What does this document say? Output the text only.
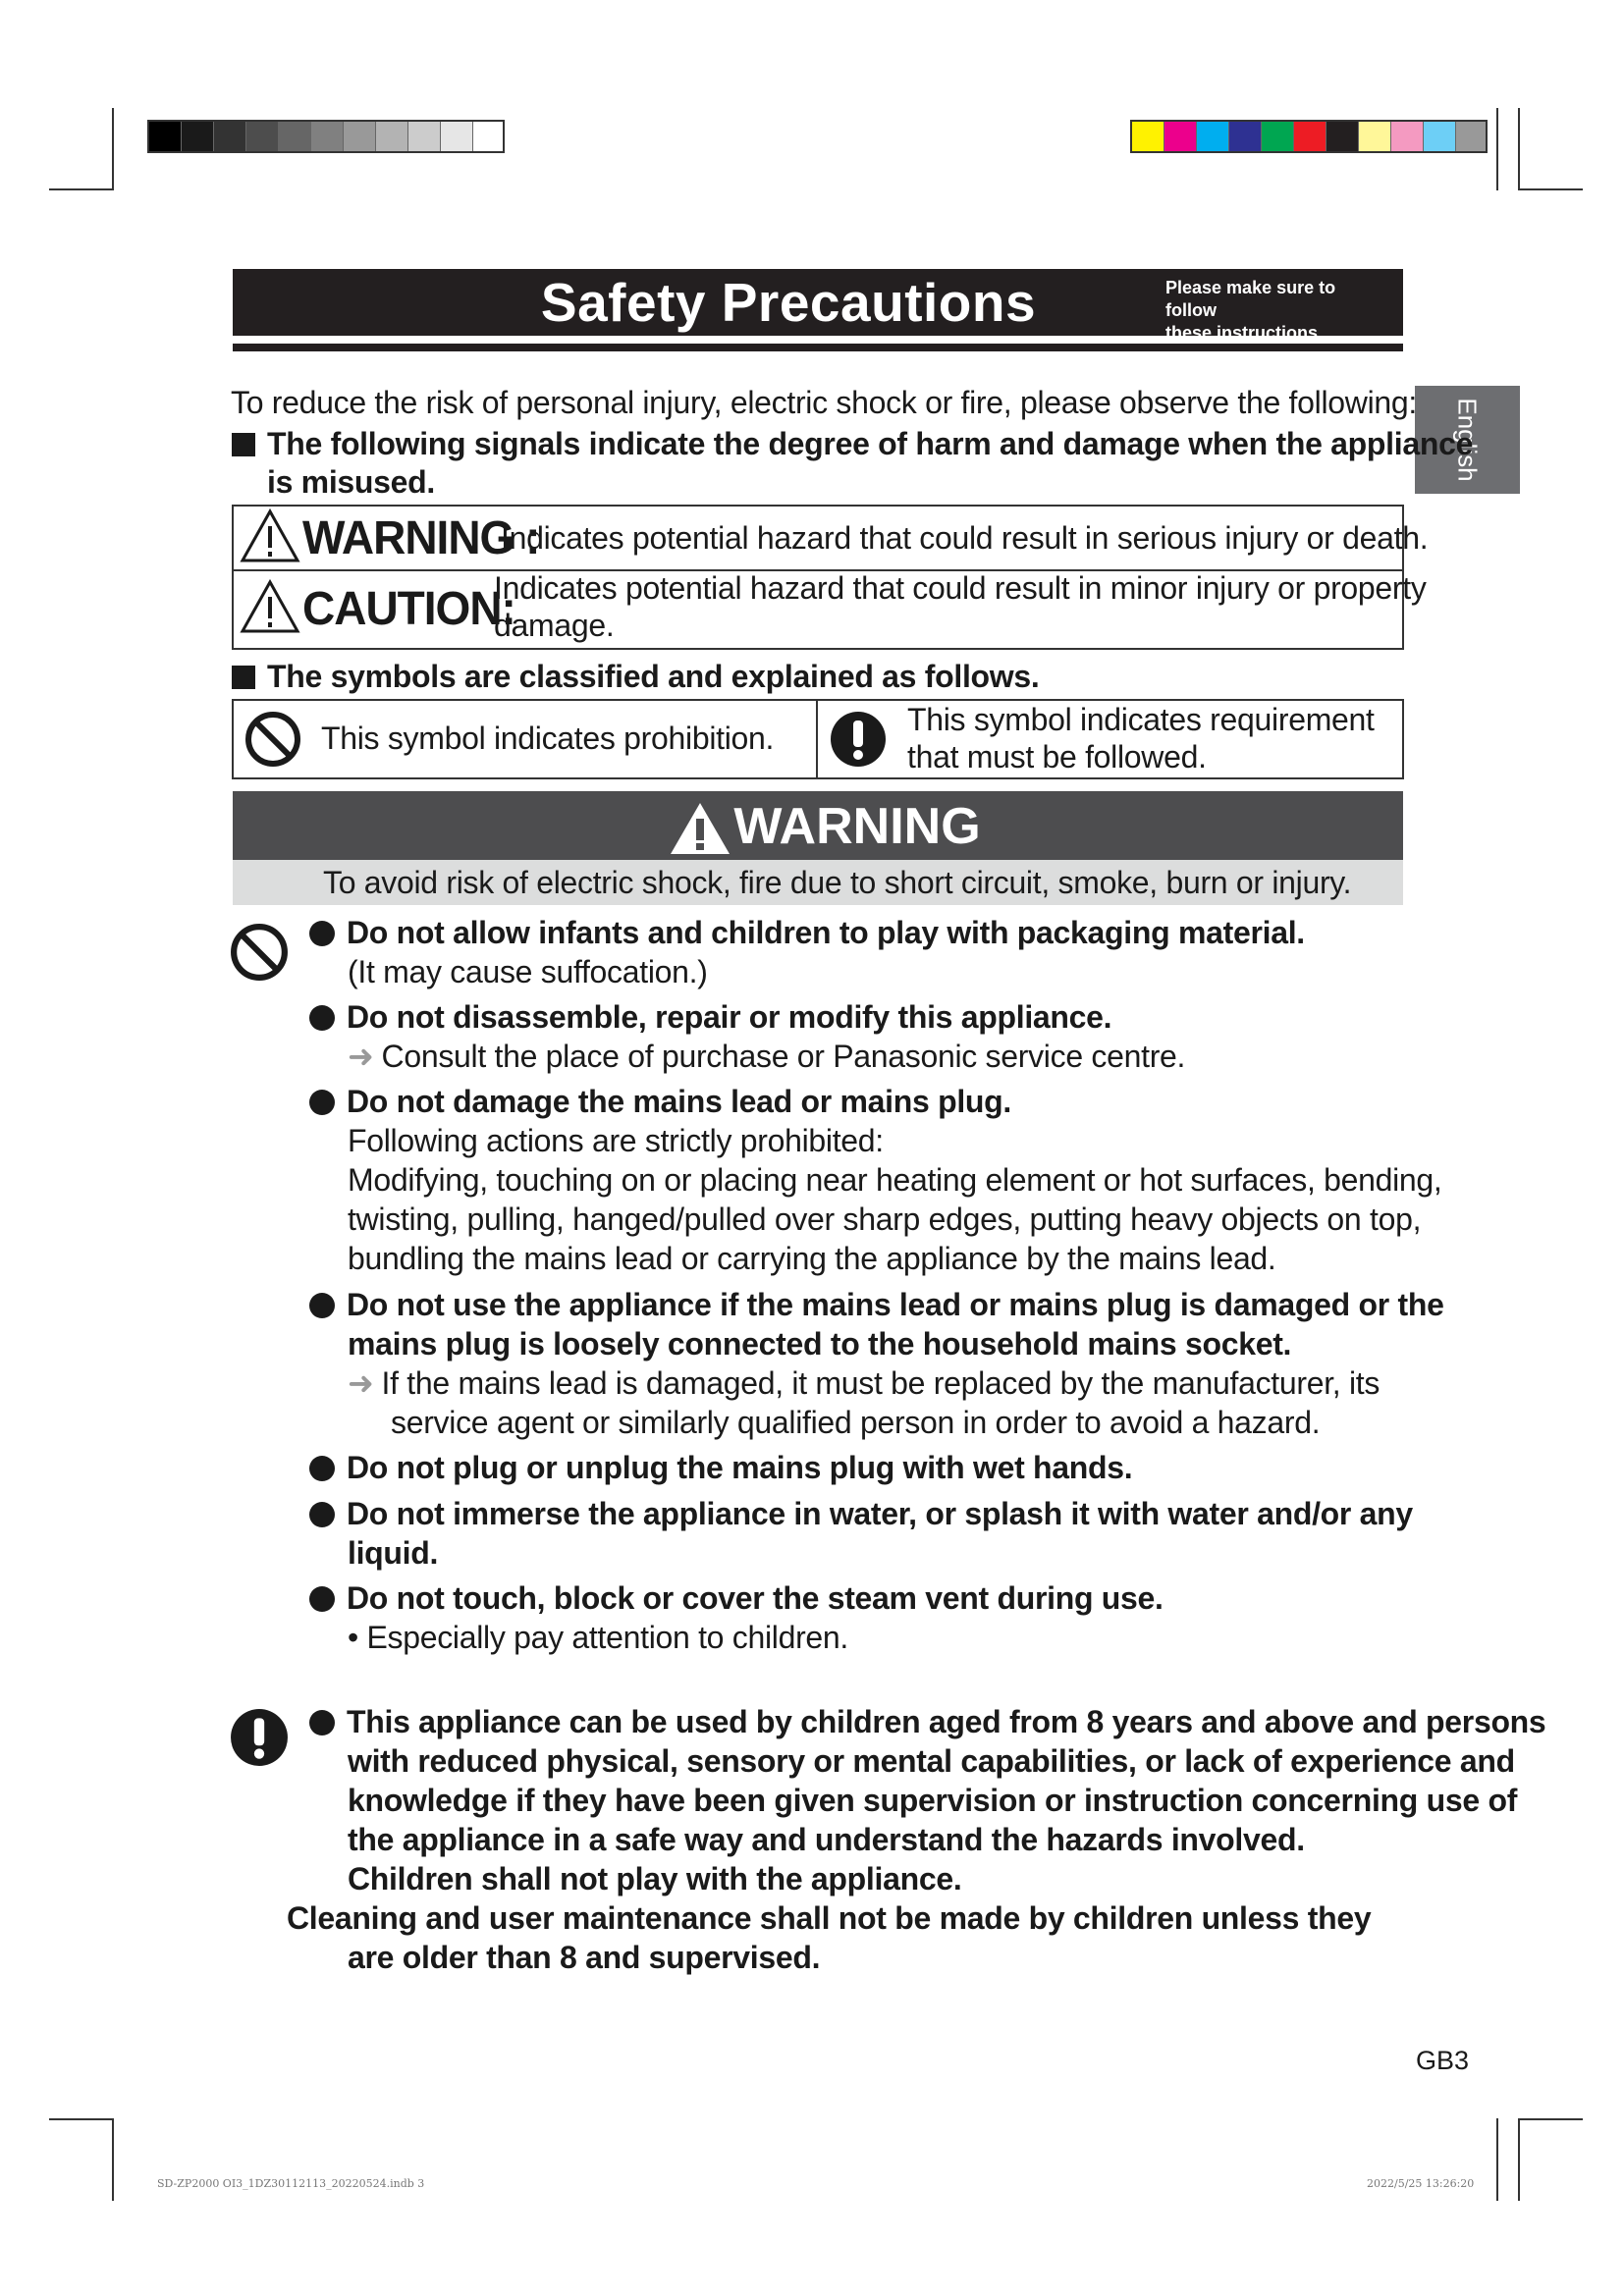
Safety Precautions	Please make sure to follow
these instructions.
English
To reduce the risk of personal injury, electric shock or fire, please observe the following:
The following signals indicate the degree of harm and damage when the appliance
is misused.
WARNING :
Indicates potential hazard that could result in serious injury or death.
CAUTION:
Indicates potential hazard that could result in minor injury or property
damage.
The symbols are classified and explained as follows.
This symbol indicates prohibition.
This symbol indicates requirement
that must be followed.
WARNING
To avoid risk of electric shock, fire due to short circuit, smoke, burn or injury.
Do not allow infants and children to play with packaging material.
(It may cause suffocation.)
Do not disassemble, repair or modify this appliance.
➜ Consult the place of purchase or Panasonic service centre.
Do not damage the mains lead or mains plug.
Following actions are strictly prohibited:
Modifying, touching on or placing near heating element or hot surfaces, bending,
twisting, pulling, hanged/pulled over sharp edges, putting heavy objects on top,
bundling the mains lead or carrying the appliance by the mains lead.
Do not use the appliance if the mains lead or mains plug is damaged or the
mains plug is loosely connected to the household mains socket.
➜ If the mains lead is damaged, it must be replaced by the manufacturer, its
service agent or similarly qualified person in order to avoid a hazard.
Do not plug or unplug the mains plug with wet hands.
Do not immerse the appliance in water, or splash it with water and/or any
liquid.
Do not touch, block or cover the steam vent during use.
• Especially pay attention to children.
This appliance can be used by children aged from 8 years and above and persons
with reduced physical, sensory or mental capabilities, or lack of experience and
knowledge if they have been given supervision or instruction concerning use of
the appliance in a safe way and understand the hazards involved.
Children shall not play with the appliance.
Cleaning and user maintenance shall not be made by children unless they
are older than 8 and supervised.
GB3
SD-ZP2000 OI3_1DZ30112113_20220524.indb 3	2022/5/25 13:26:20
